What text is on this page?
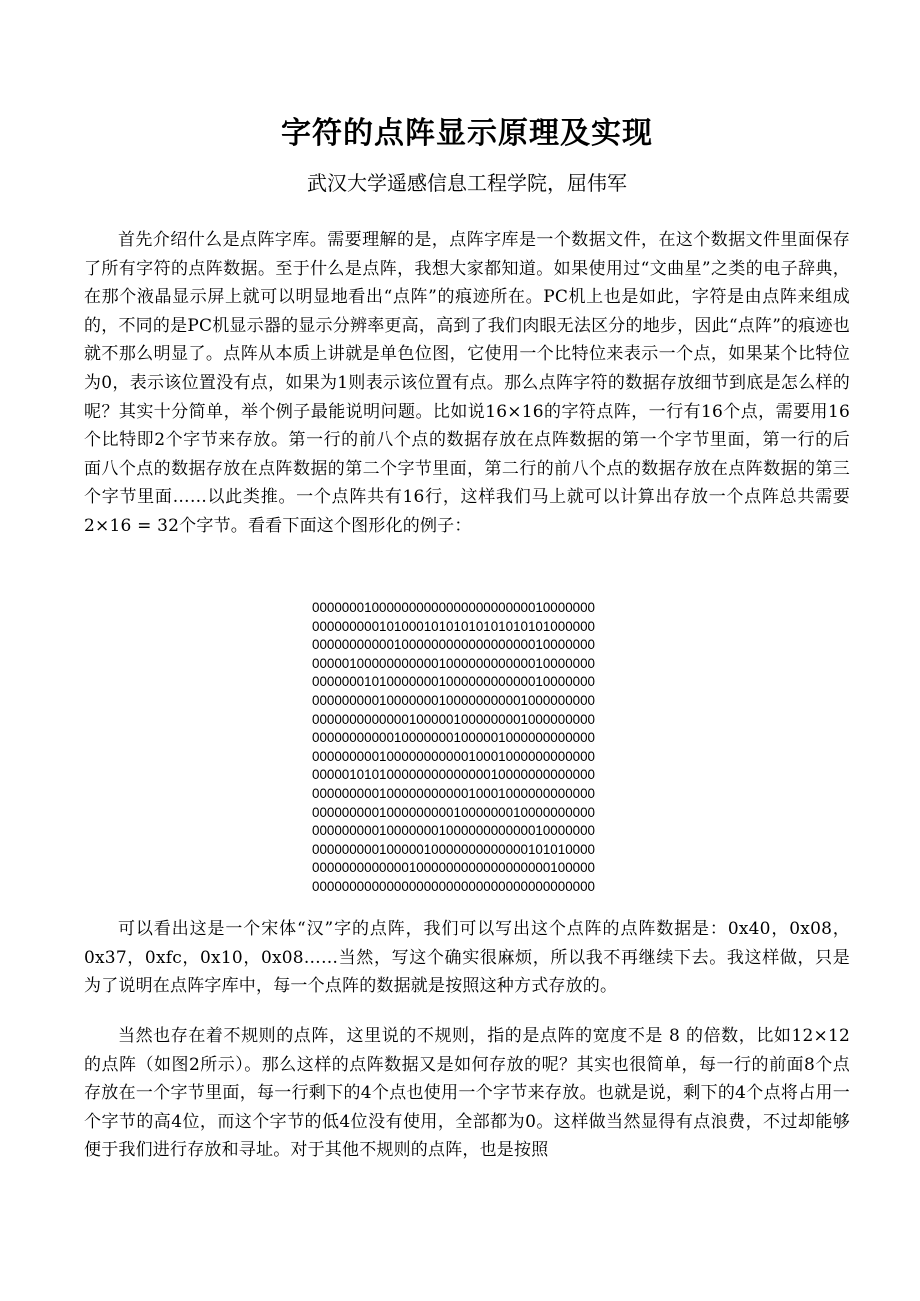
字符的点阵显示原理及实现

武汉大学遥感信息工程学院，屈伟军

首先介绍什么是点阵字库。需要理解的是，点阵字库是一个数据文件，在这个数据文件里面保存了所有字符的点阵数据。至于什么是点阵，我想大家都知道。如果使用过“文曲星”之类的电子辞典，在那个液晶显示屏上就可以明显地看出“点阵”的痕迹所在。PC机上也是如此，字符是由点阵来组成的，不同的是PC机显示器的显示分辨率更高，高到了我们肉眼无法区分的地步，因此“点阵”的痕迹也就不那么明显了。点阵从本质上讲就是单色位图，它使用一个比特位来表示一个点，如果某个比特位为0，表示该位置没有点，如果为1则表示该位置有点。那么点阵字符的数据存放细节到底是怎么样的呢？其实十分简单，举个例子最能说明问题。比如说16×16的字符点阵，一行有16个点，需要用16个比特即2个字节来存放。第一行的前八个点的数据存放在点阵数据的第一个字节里面，第一行的后面八个点的数据存放在点阵数据的第二个字节里面，第二行的前八个点的数据存放在点阵数据的第三个字节里面……以此类推。一个点阵共有16行，这样我们马上就可以计算出存放一个点阵总共需要2×16 = 32个字节。看看下面这个图形化的例子：

00000001000000000000000000000010000000
00000000010100010101010101010101000000
00000000000100000000000000000010000000
00000100000000000100000000000010000000
00000001010000000100000000000010000000
00000000010000000100000000001000000000
00000000000001000001000000001000000000
00000000000100000001000001000000000000
00000000010000000000010001000000000000
00000101010000000000000010000000000000
00000000010000000000010001000000000000
00000000010000000001000000010000000000
00000000010000000100000000000010000000
00000000010000010000000000000101010000
00000000000001000000000000000000100000
00000000000000000000000000000000000000

可以看出这是一个宋体“汉”字的点阵，我们可以写出这个点阵的点阵数据是：0x40，0x08，0x37，0xfc，0x10，0x08……当然，写这个确实很麻烦，所以我不再继续下去。我这样做，只是为了说明在点阵字库中，每一个点阵的数据就是按照这种方式存放的。

当然也存在着不规则的点阵，这里说的不规则，指的是点阵的宽度不是 8 的倍数，比如12×12的点阵（如图2所示）。那么这样的点阵数据又是如何存放的呢？其实也很简单，每一行的前面8个点存放在一个字节里面，每一行剩下的4个点也使用一个字节来存放。也就是说，剩下的4个点将占用一个字节的高4位，而这个字节的低4位没有使用，全部都为0。这样做当然显得有点浪费，不过却能够便于我们进行存放和寻址。对于其他不规则的点阵，也是按照
